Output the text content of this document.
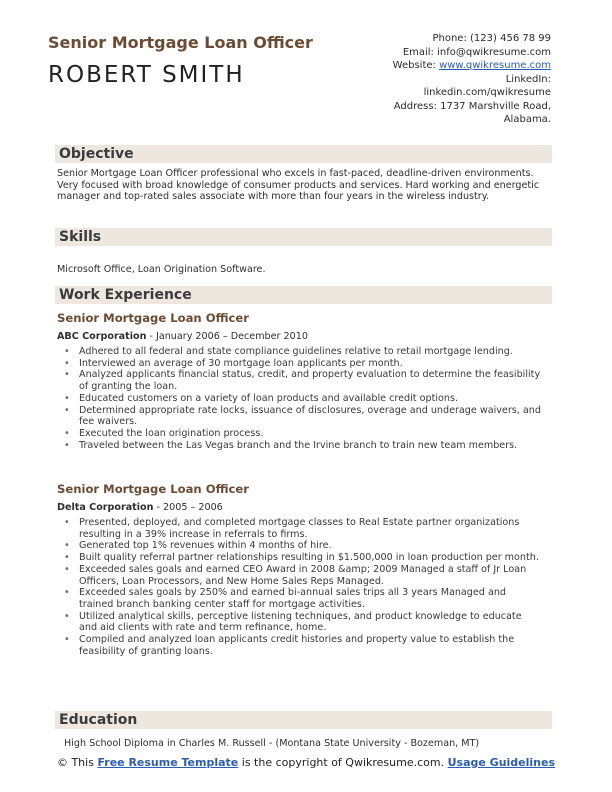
Senior Mortgage Loan Officer
ROBERT SMITH
Phone: (123) 456 78 99
Email: info@qwikresume.com
Website: www.qwikresume.com
LinkedIn:
linkedin.com/qwikresume
Address: 1737 Marshville Road,
Alabama.
Objective
Senior Mortgage Loan Officer professional who excels in fast-paced, deadline-driven environments. Very focused with broad knowledge of consumer products and services. Hard working and energetic manager and top-rated sales associate with more than four years in the wireless industry.
Skills
Microsoft Office, Loan Origination Software.
Work Experience
Senior Mortgage Loan Officer
ABC Corporation - January 2006 – December 2010
• Adhered to all federal and state compliance guidelines relative to retail mortgage lending.
• Interviewed an average of 30 mortgage loan applicants per month.
• Analyzed applicants financial status, credit, and property evaluation to determine the feasibility of granting the loan.
• Educated customers on a variety of loan products and available credit options.
• Determined appropriate rate locks, issuance of disclosures, overage and underage waivers, and fee waivers.
• Executed the loan origination process.
• Traveled between the Las Vegas branch and the Irvine branch to train new team members.
Senior Mortgage Loan Officer
Delta Corporation - 2005 – 2006
• Presented, deployed, and completed mortgage classes to Real Estate partner organizations resulting in a 39% increase in referrals to firms.
• Generated top 1% revenues within 4 months of hire.
• Built quality referral partner relationships resulting in $1.500,000 in loan production per month.
• Exceeded sales goals and earned CEO Award in 2008 &amp; 2009 Managed a staff of Jr Loan Officers, Loan Processors, and New Home Sales Reps Managed.
• Exceeded sales goals by 250% and earned bi-annual sales trips all 3 years Managed and trained branch banking center staff for mortgage activities.
• Utilized analytical skills, perceptive listening techniques, and product knowledge to educate and aid clients with rate and term refinance, home.
• Compiled and analyzed loan applicants credit histories and property value to establish the feasibility of granting loans.
Education
High School Diploma in Charles M. Russell - (Montana State University - Bozeman, MT)
© This Free Resume Template is the copyright of Qwikresume.com. Usage Guidelines
